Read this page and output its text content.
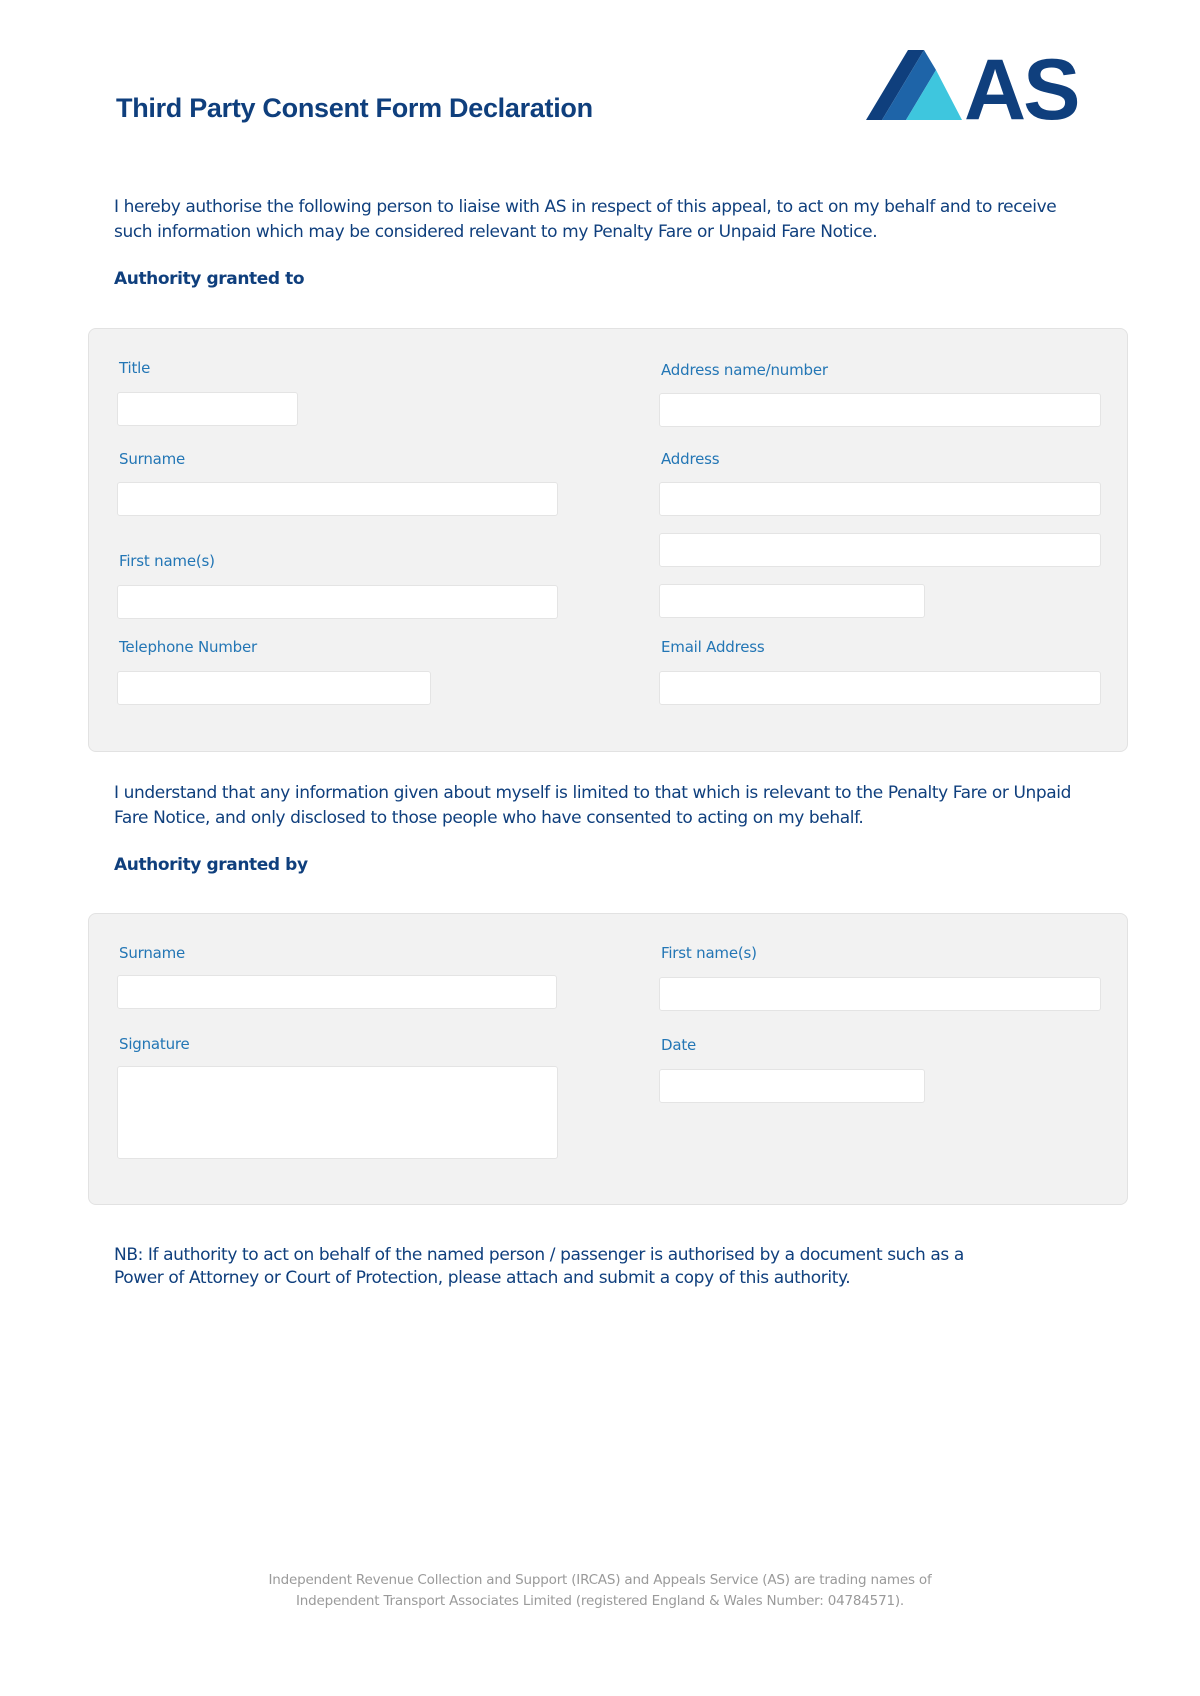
Third Party Consent Form Declaration	AS
I hereby authorise the following person to liaise with AS in respect of this appeal, to act on my behalf and to receive such information which may be considered relevant to my Penalty Fare or Unpaid Fare Notice.
Authority granted to
Title
Surname
First name(s)
Telephone Number
Address name/number
Address
Email Address
I understand that any information given about myself is limited to that which is relevant to the Penalty Fare or Unpaid Fare Notice, and only disclosed to those people who have consented to acting on my behalf.
Authority granted by
Surname
Signature
First name(s)
Date
NB: If authority to act on behalf of the named person / passenger is authorised by a document such as a Power of Attorney or Court of Protection, please attach and submit a copy of this authority.
Independent Revenue Collection and Support (IRCAS) and Appeals Service (AS) are trading names of
Independent Transport Associates Limited (registered England & Wales Number: 04784571).
